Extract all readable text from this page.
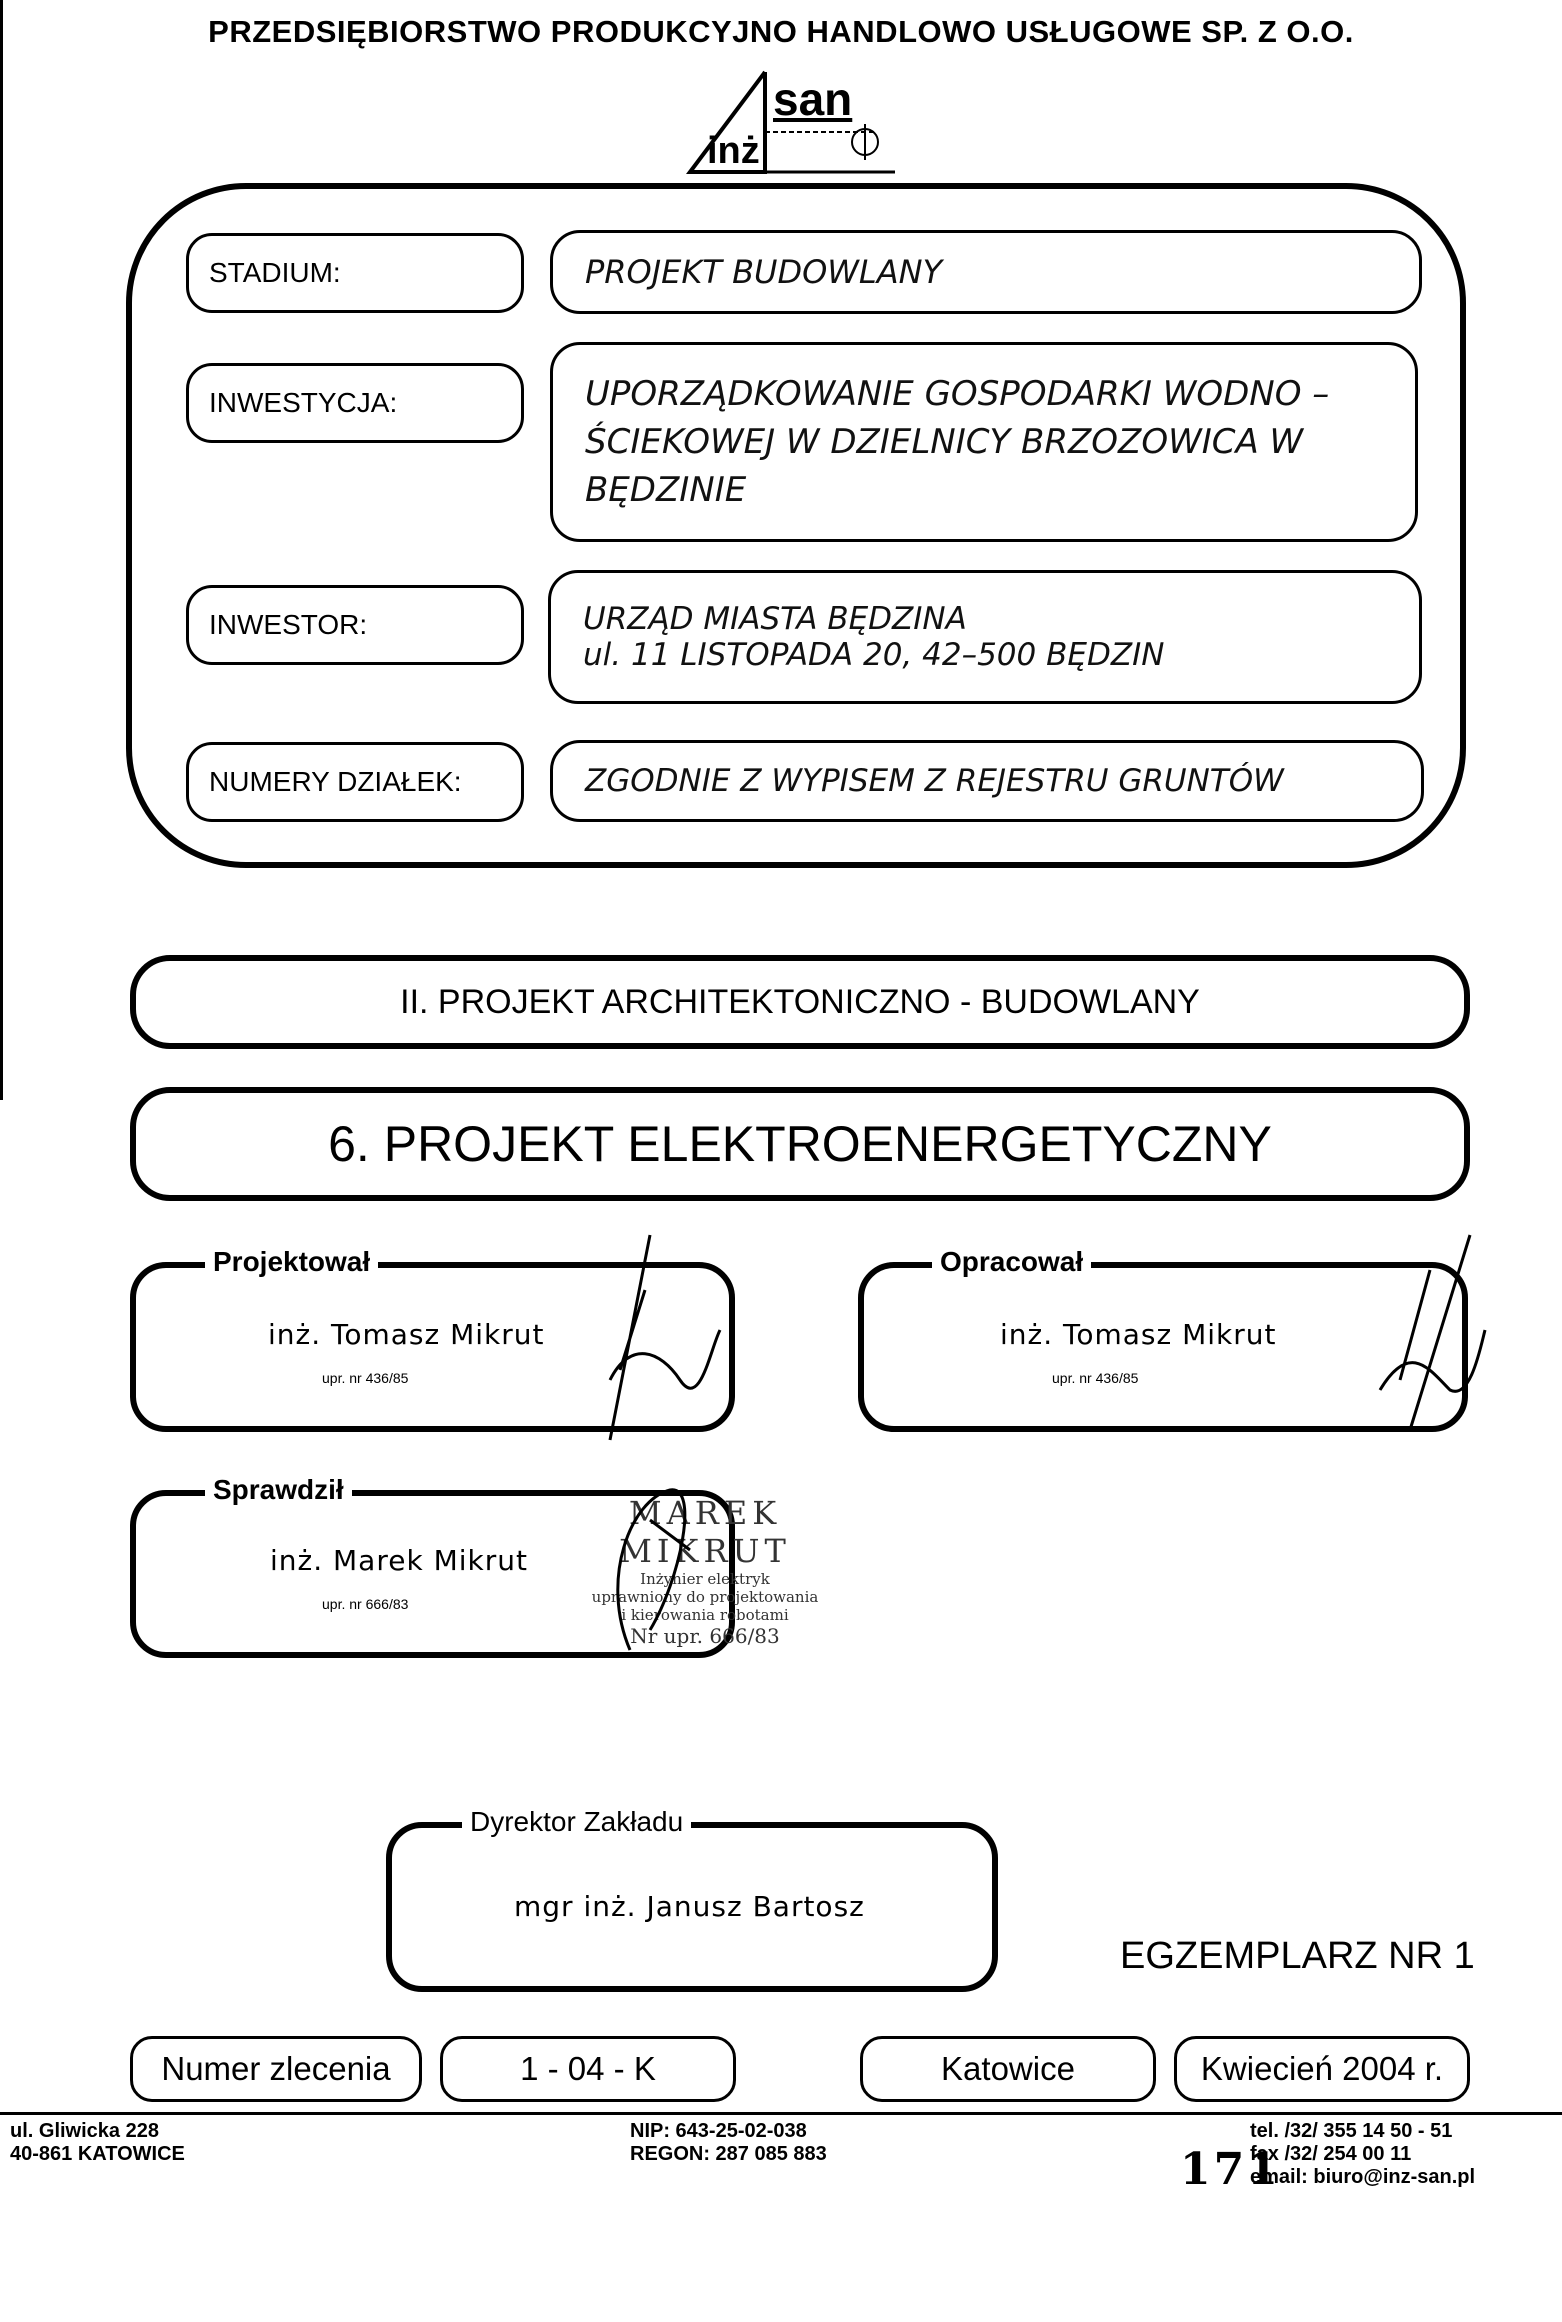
PRZEDSIĘBIORSTWO PRODUKCYJNO HANDLOWO USŁUGOWE SP. Z O.O.
san
inż
STADIUM:	PROJEKT BUDOWLANY
INWESTYCJA:	UPORZĄDKOWANIE GOSPODARKI WODNO – ŚCIEKOWEJ W DZIELNICY BRZOZOWICA W BĘDZINIE
INWESTOR:	URZĄD MIASTA BĘDZINA
ul. 11 LISTOPADA 20, 42–500 BĘDZIN
NUMERY DZIAŁEK:	ZGODNIE Z WYPISEM Z REJESTRU GRUNTÓW
II. PROJEKT ARCHITEKTONICZNO - BUDOWLANY
6. PROJEKT ELEKTROENERGETYCZNY
Projektował
inż. Tomasz Mikrut
upr. nr 436/85
Opracował
inż. Tomasz Mikrut
upr. nr 436/85
Sprawdził
inż. Marek Mikrut
upr. nr 666/83
MAREK MIKRUT
Inżynier elektryk
uprawniony do projektowania
i kierowania robotami
Nr upr. 666/83
Dyrektor Zakładu
mgr inż. Janusz Bartosz
EGZEMPLARZ NR 1
Numer zlecenia	1 - 04 - K	Katowice	Kwiecień 2004 r.
ul. Gliwicka 228
40-861 KATOWICE
NIP: 643-25-02-038
REGON: 287 085 883
tel. /32/ 355 14 50 - 51
fax /32/ 254 00 11
email: biuro@inz-san.pl
171
